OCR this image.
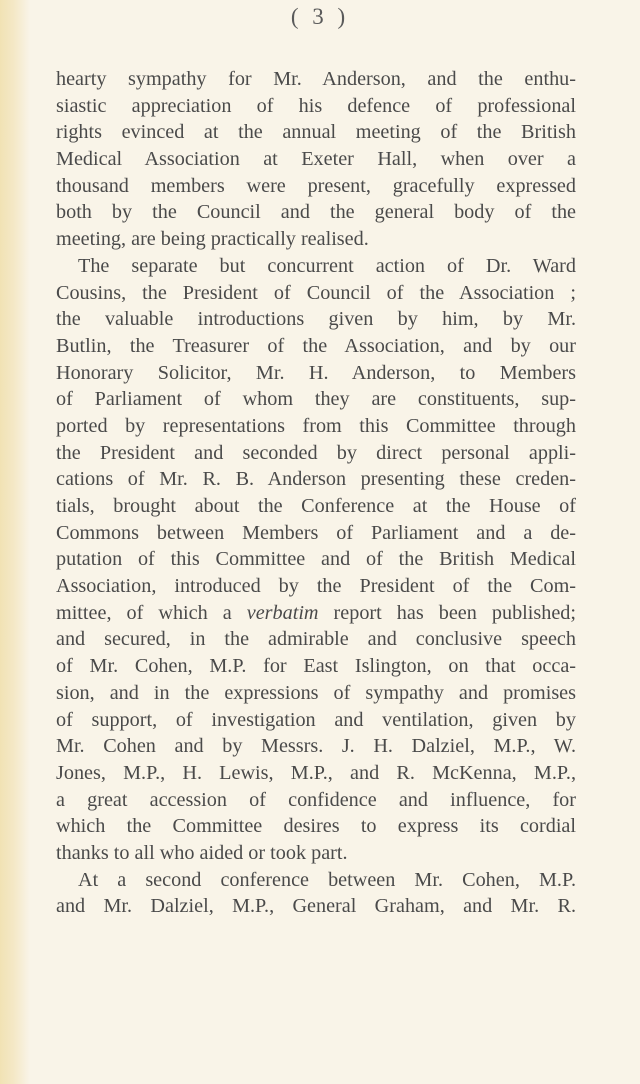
( 3 )
hearty sympathy for Mr. Anderson, and the enthu-
siastic appreciation of his defence of professional
rights evinced at the annual meeting of the British
Medical Association at Exeter Hall, when over a
thousand members were present, gracefully expressed
both by the Council and the general body of the
meeting, are being practically realised.
The separate but concurrent action of Dr. Ward
Cousins, the President of Council of the Association ;
the valuable introductions given by him, by Mr.
Butlin, the Treasurer of the Association, and by our
Honorary Solicitor, Mr. H. Anderson, to Members
of Parliament of whom they are constituents, sup-
ported by representations from this Committee through
the President and seconded by direct personal appli-
cations of Mr. R. B. Anderson presenting these creden-
tials, brought about the Conference at the House of
Commons between Members of Parliament and a de-
putation of this Committee and of the British Medical
Association, introduced by the President of the Com-
mittee, of which a verbatim report has been published;
and secured, in the admirable and conclusive speech
of Mr. Cohen, M.P. for East Islington, on that occa-
sion, and in the expressions of sympathy and promises
of support, of investigation and ventilation, given by
Mr. Cohen and by Messrs. J. H. Dalziel, M.P., W.
Jones, M.P., H. Lewis, M.P., and R. McKenna, M.P.,
a great accession of confidence and influence, for
which the Committee desires to express its cordial
thanks to all who aided or took part.
At a second conference between Mr. Cohen, M.P.
and Mr. Dalziel, M.P., General Graham, and Mr. R.
